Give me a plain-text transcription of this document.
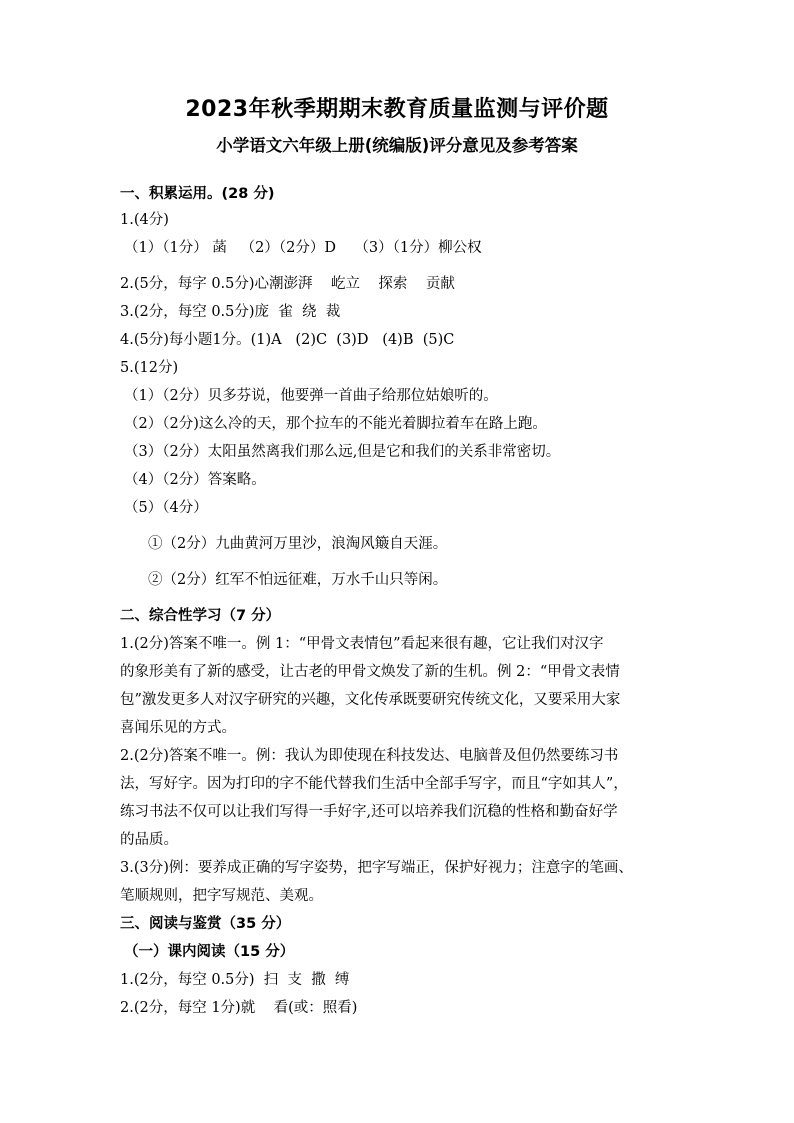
2023年秋季期期末教育质量监测与评价题
小学语文六年级上册(统编版)评分意见及参考答案
一、积累运用。(28 分)
1.(4分)
（1）（1分） 菡   （2）（2分）D    （3）（1分）柳公权
2.(5分，每字 0.5分)心潮澎湃    屹立    探索    贡献
3.(2分，每空 0.5分)庞  雀  绕  裁
4.(5分)每小题1分。(1)A   (2)C  (3)D   (4)B  (5)C
5.(12分)
（1）（2分）贝多芬说，他要弹一首曲子给那位姑娘听的。
（2）（2分)这么冷的天，那个拉车的不能光着脚拉着车在路上跑。
（3）（2分）太阳虽然离我们那么远,但是它和我们的关系非常密切。
（4）（2分）答案略。
（5）（4分）
①（2分）九曲黄河万里沙，浪淘风簸自天涯。
②（2分）红军不怕远征难，万水千山只等闲。
二、综合性学习（7 分）
1.(2分)答案不唯一。例 1：“甲骨文表情包”看起来很有趣，它让我们对汉字
的象形美有了新的感受，让古老的甲骨文焕发了新的生机。例 2：“甲骨文表情
包”激发更多人对汉字研究的兴趣，文化传承既要研究传统文化，又要采用大家
喜闻乐见的方式。
2.(2分)答案不唯一。例：我认为即使现在科技发达、电脑普及但仍然要练习书
法，写好字。因为打印的字不能代替我们生活中全部手写字，而且“字如其人”，
练习书法不仅可以让我们写得一手好字,还可以培养我们沉稳的性格和勤奋好学
的品质。
3.(3分)例：要养成正确的写字姿势，把字写端正，保护好视力；注意字的笔画、
笔顺规则，把字写规范、美观。
三、阅读与鉴赏（35 分）
（一）课内阅读（15 分）
1.(2分，每空 0.5分)  扫  支  撒  缚
2.(2分，每空 1分)就    看(或：照看)
